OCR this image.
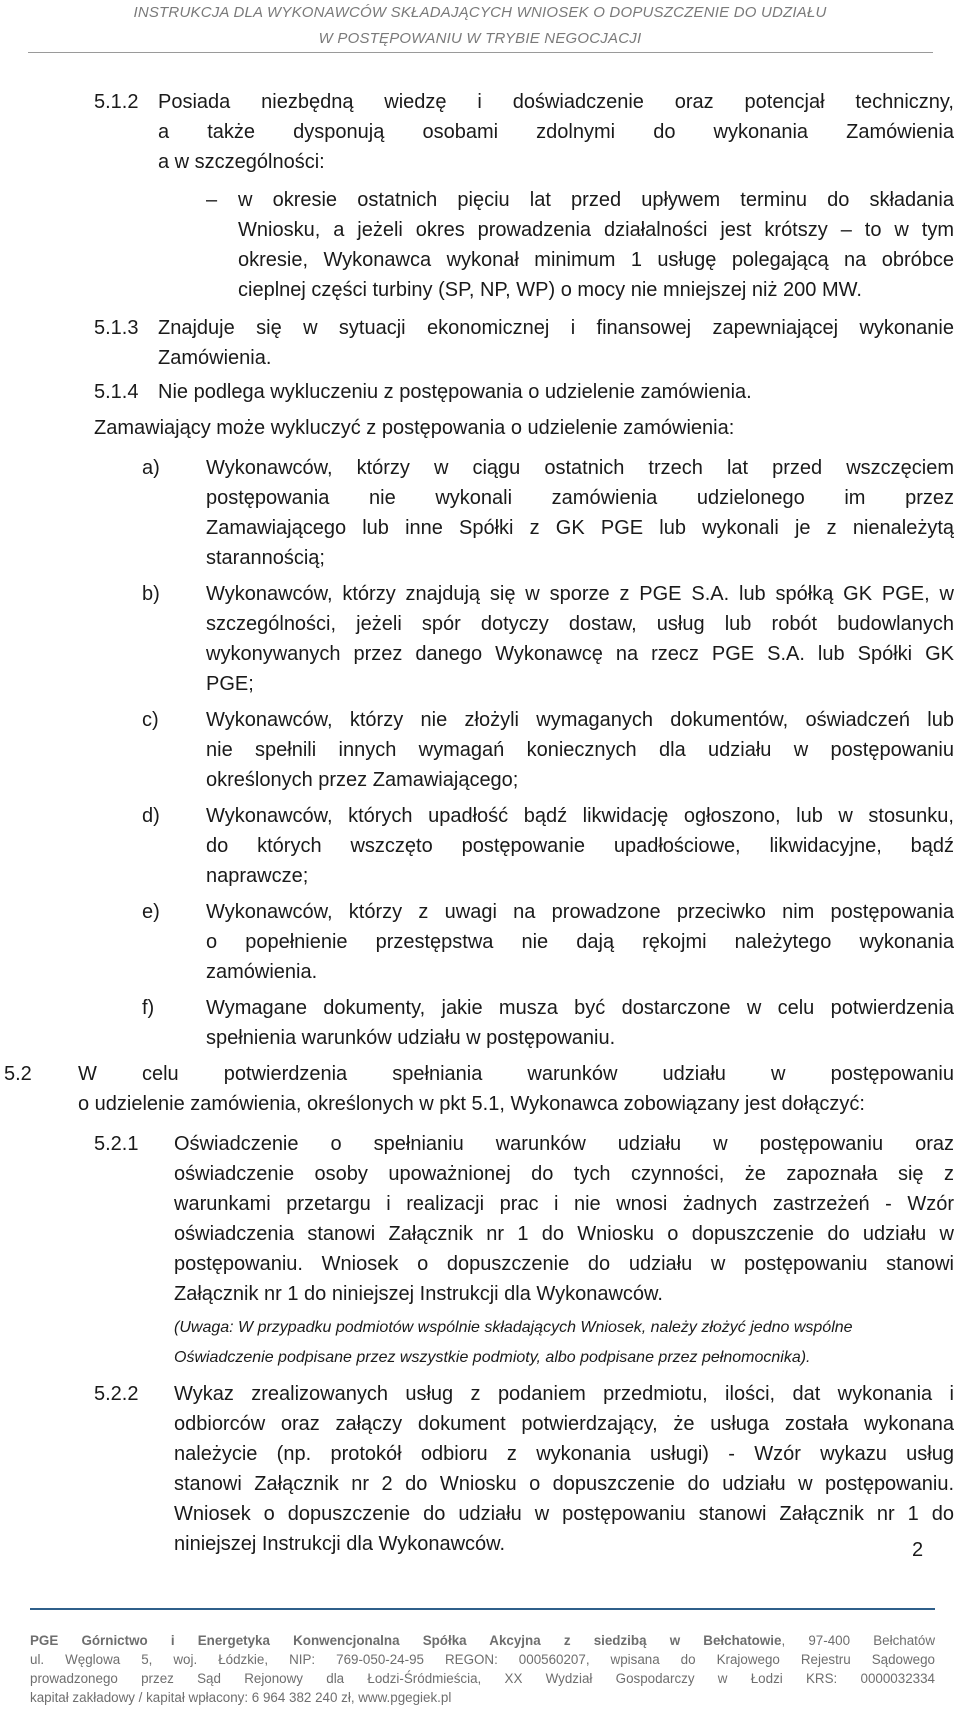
INSTRUKCJA DLA WYKONAWCÓW SKŁADAJĄCYCH WNIOSEK O DOPUSZCZENIE DO UDZIAŁU
W POSTĘPOWANIU W TRYBIE NEGOCJACJI
5.1.2 Posiada niezbędną wiedzę i doświadczenie oraz potencjał techniczny,
a także dysponują osobami zdolnymi do wykonania Zamówienia
a w szczególności:
– w okresie ostatnich pięciu lat przed upływem terminu do składania
Wniosku, a jeżeli okres prowadzenia działalności jest krótszy – to w tym
okresie, Wykonawca wykonał minimum 1 usługę polegającą na obróbce
cieplnej części turbiny (SP, NP, WP) o mocy nie mniejszej niż 200 MW.
5.1.3 Znajduje się w sytuacji ekonomicznej i finansowej zapewniającej wykonanie
Zamówienia.
5.1.4 Nie podlega wykluczeniu z postępowania o udzielenie zamówienia.
Zamawiający może wykluczyć z postępowania o udzielenie zamówienia:
a) Wykonawców, którzy w ciągu ostatnich trzech lat przed wszczęciem
postępowania nie wykonali zamówienia udzielonego im przez
Zamawiającego lub inne Spółki z GK PGE lub wykonali je z nienależytą
starannością;
b) Wykonawców, którzy znajdują się w sporze z PGE S.A. lub spółką GK PGE, w
szczególności, jeżeli spór dotyczy dostaw, usług lub robót budowlanych
wykonywanych przez danego Wykonawcę na rzecz PGE S.A. lub Spółki GK
PGE;
c) Wykonawców, którzy nie złożyli wymaganych dokumentów, oświadczeń lub
nie spełnili innych wymagań koniecznych dla udziału w postępowaniu
określonych przez Zamawiającego;
d) Wykonawców, których upadłość bądź likwidację ogłoszono, lub w stosunku,
do których wszczęto postępowanie upadłościowe, likwidacyjne, bądź
naprawcze;
e) Wykonawców, którzy z uwagi na prowadzone przeciwko nim postępowania
o popełnienie przestępstwa nie dają rękojmi należytego wykonania
zamówienia.
f)	Wymagane dokumenty, jakie musza być dostarczone w celu potwierdzenia
spełnienia warunków udziału w postępowaniu.
5.2 W celu potwierdzenia spełniania warunków udziału w postępowaniu
o udzielenie zamówienia, określonych w pkt 5.1, Wykonawca zobowiązany jest dołączyć:
5.2.1 Oświadczenie o spełnianiu warunków udziału w postępowaniu oraz
oświadczenie osoby upoważnionej do tych czynności, że zapoznała się z
warunkami przetargu i realizacji prac i nie wnosi żadnych zastrzeżeń - Wzór
oświadczenia stanowi Załącznik nr 1 do Wniosku o dopuszczenie do udziału w
postępowaniu. Wniosek o dopuszczenie do udziału w postępowaniu stanowi
Załącznik nr 1 do niniejszej Instrukcji dla Wykonawców.
(Uwaga: W przypadku podmiotów wspólnie składających Wniosek, należy złożyć jedno wspólne
Oświadczenie podpisane przez wszystkie podmioty, albo podpisane przez pełnomocnika).
5.2.2 Wykaz zrealizowanych usług z podaniem przedmiotu, ilości, dat wykonania i
odbiorców oraz załączy dokument potwierdzający, że usługa została wykonana
należycie (np. protokół odbioru z wykonania usługi) - Wzór wykazu usług
stanowi Załącznik nr 2 do Wniosku o dopuszczenie do udziału w postępowaniu.
Wniosek o dopuszczenie do udziału w postępowaniu stanowi Załącznik nr 1 do
niniejszej Instrukcji dla Wykonawców.	2
PGE Górnictwo i Energetyka Konwencjonalna Spółka Akcyjna z siedzibą w Bełchatowie, 97-400 Bełchatów
ul. Węglowa 5, woj. Łódzkie, NIP: 769-050-24-95 REGON: 000560207, wpisana do Krajowego Rejestru Sądowego
prowadzonego przez Sąd Rejonowy dla Łodzi-Śródmieścia, XX Wydział Gospodarczy w Łodzi KRS: 0000032334
kapitał zakładowy / kapitał wpłacony: 6 964 382 240 zł, www.pgegiek.pl
